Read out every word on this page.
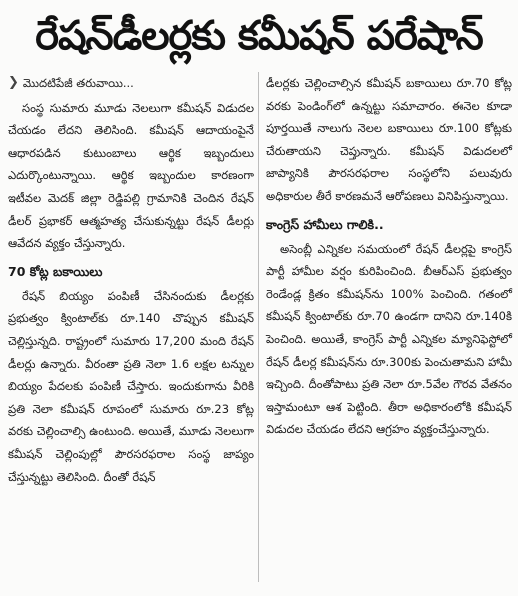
రేషన్‌డీలర్లకు కమీషన్ పరేషాన్
❯ మొదటిపేజీ తరువాయి...

సంస్థ సుమారు మూడు నెలలుగా కమీషన్ విడుదల చేయడం లేదని తెలిసింది. కమీషన్ ఆదాయంపైనే ఆధారపడిన కుటుంబాలు ఆర్థిక ఇబ్బందులు ఎదుర్కొంటున్నాయి. ఆర్థిక ఇబ్బందుల కారణంగా ఇటీవల మెదక్ జిల్లా రెడ్డిపల్లి గ్రామానికి చెందిన రేషన్ డీలర్ ప్రభాకర్ ఆత్మహత్య చేసుకున్నట్టు రేషన్ డీలర్లు ఆవేదన వ్యక్తం చేస్తున్నారు.

70 కోట్ల బకాయిలు

రేషన్ బియ్యం పంపిణీ చేసినందుకు డీలర్లకు ప్రభుత్వం క్వింటాల్‌కు రూ.140 చొప్పున కమీషన్ చెల్లిస్తున్నది. రాష్ట్రంలో సుమారు 17,200 మంది రేషన్ డీలర్లు ఉన్నారు. వీరంతా ప్రతి నెలా 1.6 లక్షల టన్నుల బియ్యం పేదలకు పంపిణీ చేస్తారు. ఇందుకుగాను వీరికి ప్రతి నెలా కమీషన్ రూపంలో సుమారు రూ.23 కోట్ల వరకు చెల్లించాల్సి ఉంటుంది. అయితే, మూడు నెలలుగా కమీషన్ చెల్లింపుల్లో పౌరసరఫరాల సంస్థ జాప్యం చేస్తున్నట్టు తెలిసింది. దీంతో రేషన్

డీలర్లకు చెల్లించాల్సిన కమీషన్ బకాయిలు రూ.70 కోట్ల వరకు పెండింగ్‌లో ఉన్నట్టు సమాచారం. ఈనెల కూడా పూర్తయితే నాలుగు నెలల బకాయిలు రూ.100 కోట్లకు చేరుతాయని చెప్తున్నారు. కమీషన్ విడుదలలో జాప్యానికి పౌరసరఫరాల సంస్థలోని పలువురు అధికారుల తీరే కారణమనే ఆరోపణలు వినిపిస్తున్నాయి.

కాంగ్రెస్ హామీలు గాలికి..

అసెంబ్లీ ఎన్నికల సమయంలో రేషన్ డీలర్లపై కాంగ్రెస్ పార్టీ హామీల వర్షం కురిపించింది. బీఆర్ఎస్ ప్రభుత్వం రెండేండ్ల క్రితం కమీషన్‌ను 100% పెంచింది. గతంలో కమీషన్ క్వింటాల్‌కు రూ.70 ఉండగా దానిని రూ.140కి పెంచింది. అయితే, కాంగ్రెస్ పార్టీ ఎన్నికల మ్యానిఫెస్టోలో రేషన్ డీలర్ల కమీషన్‌ను రూ.300కు పెంచుతామని హామీ ఇచ్చింది. దీంతోపాటు ప్రతి నెలా రూ.5వేల గౌరవ వేతనం ఇస్తామంటూ ఆశ పెట్టింది. తీరా అధికారంలోకి కమీషన్ విడుదల చేయడం లేదని ఆగ్రహం వ్యక్తంచేస్తున్నారు.
